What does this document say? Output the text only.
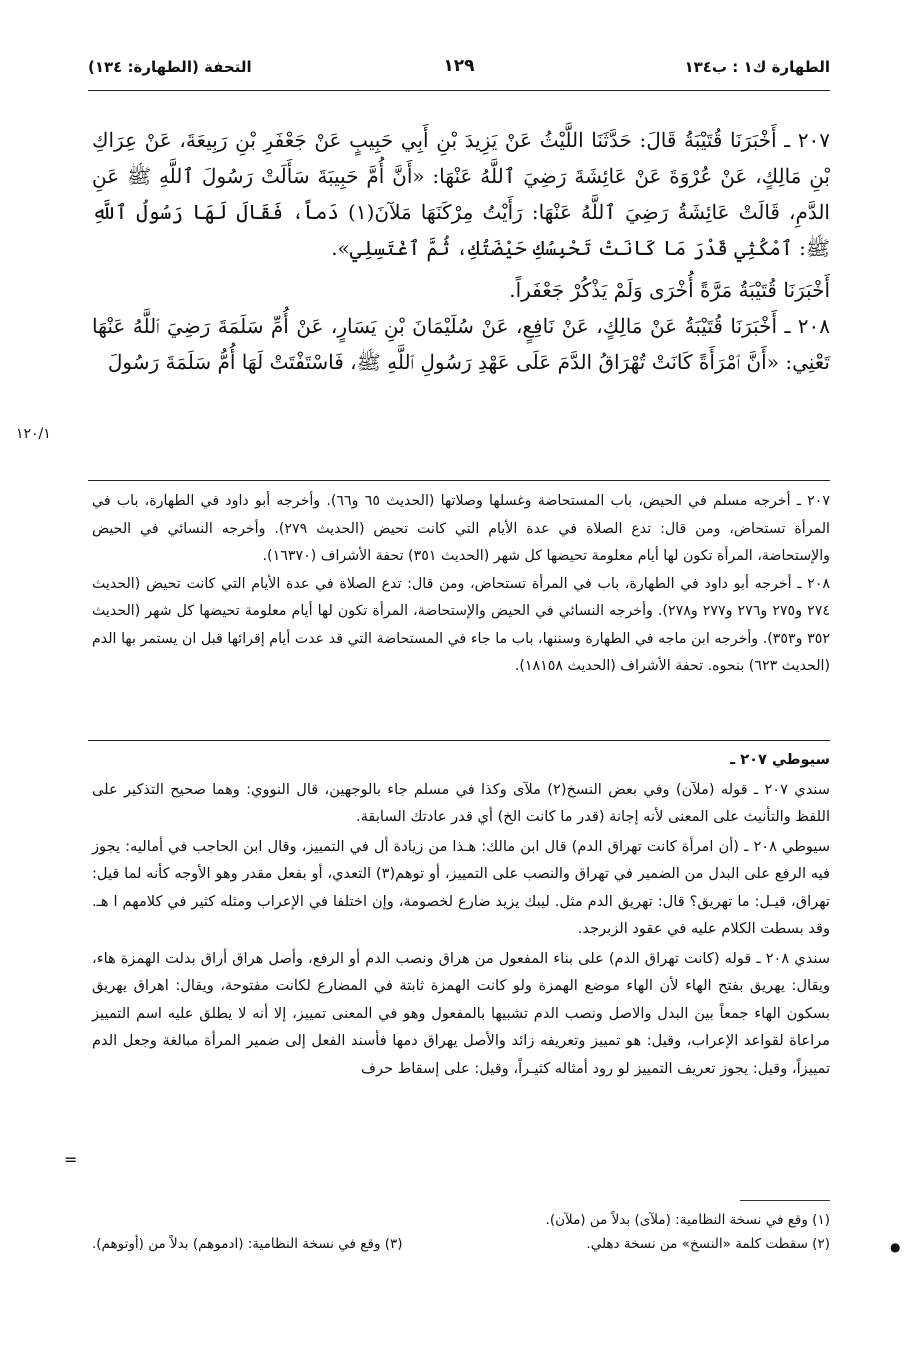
الطهارة ك١ : ب١٣٤
١٢٩
التحفة (الطهارة: ١٣٤)

٢٠٧ ـ أَخْبَرَنَا قُتَيْبَةُ قَالَ: حَدَّثَنَا اللَّيْثُ عَنْ يَزِيدَ بْنِ أَبِي حَبِيبٍ عَنْ جَعْفَرِ بْنِ رَبِيعَةَ، عَنْ عِرَاكِ بْنِ مَالِكٍ، عَنْ عُرْوَةَ عَنْ عَائِشَةَ رَضِيَ ٱللَّهُ عَنْهَا: «أَنَّ أُمَّ حَبِيبَةَ سَأَلَتْ رَسُولَ ٱللَّهِ ﷺ عَنِ الدَّمِ، قَالَتْ عَائِشَةُ رَضِيَ ٱللَّهُ عَنْهَا: رَأَيْتُ مِرْكَنَهَا مَلآنَ(١) دَماً، فَقَالَ لَهَا رَسُولُ ٱللَّهِ ﷺ: ٱمْكُثِي قَدْرَ مَا كَانَتْ تَحْبِسُكِ حَيْضَتُكِ، ثُمَّ ٱغْتَسِلِي».

أَخْبَرَنَا قُتَيْبَةُ مَرَّةً أُخْرَى وَلَمْ يَذْكُرْ جَعْفَراً.

٢٠٨ ـ أَخْبَرَنَا قُتَيْبَةُ عَنْ مَالِكٍ، عَنْ نَافِعٍ، عَنْ سُلَيْمَانَ بْنِ يَسَارٍ، عَنْ أُمِّ سَلَمَةَ رَضِيَ ٱللَّهُ عَنْهَا تَعْنِي: «أَنَّ ٱمْرَأَةً كَانَتْ تُهْرَاقُ الدَّمَ عَلَى عَهْدِ رَسُولِ ٱللَّهِ ﷺ، فَاسْتَفْتَتْ لَهَا أُمُّ سَلَمَةَ رَسُولَ

١٢٠/١

٢٠٧ ـ أخرجه مسلم في الحيض، باب المستحاضة وغسلها وصلاتها (الحديث ٦٥ و٦٦). وأخرجه أبو داود في الطهارة، باب في المرأة تستحاض، ومن قال: تدع الصلاة في عدة الأيام التي كانت تحيض (الحديث ٢٧٩). وأخرجه النسائي في الحيض والإستحاضة، المرأة تكون لها أيام معلومة تحيضها كل شهر (الحديث ٣٥١) تحفة الأشراف (١٦٣٧٠).

٢٠٨ ـ أخرجه أبو داود في الطهارة، باب في المرأة تستحاض، ومن قال: تدع الصلاة في عدة الأيام التي كانت تحيض (الحديث ٢٧٤ و٢٧٥ و٢٧٦ و٢٧٧ و٢٧٨). وأخرجه النسائي في الحيض والإستحاضة، المرأة تكون لها أيام معلومة تحيضها كل شهر (الحديث ٣٥٢ و٣٥٣). وأخرجه ابن ماجه في الطهارة وسننها، باب ما جاء في المستحاضة التي قد عدت أيام إقرائها قبل ان يستمر بها الدم (الحديث ٦٢٣) بنحوه. تحفة الأشراف (الحديث ١٨١٥٨).

سيوطي ٢٠٧ ـ

سندي ٢٠٧ ـ قوله (ملآن) وفي بعض النسخ(٢) ملآى وكذا في مسلم جاء بالوجهين، قال النووي: وهما صحيح التذكير على اللفظ والتأنيث على المعنى لأنه إجانة (قدر ما كانت الخ) أي قدر عادتك السابقة.

سيوطي ٢٠٨ ـ (أن امرأة كانت تهراق الدم) قال ابن مالك: هـذا من زيادة أل في التمييز، وقال ابن الحاجب في أماليه: يجوز فيه الرفع على البدل من الضمير في تهراق والنصب على التمييز، أو توهم(٣) التعدي، أو بفعل مقدر وهو الأوجه كأنه لما قيل: تهراق، قيـل: ما تهريق؟ قال: تهريق الدم مثل. ليبك يزيد ضارع لخصومة، وإن اختلفا في الإعراب ومثله كثير في كلامهم ا هـ. وقد بسطت الكلام عليه في عقود الزبرجد.

سندي ٢٠٨ ـ قوله (كانت تهراق الدم) على بناء المفعول من هراق ونصب الدم أو الرفع، وأصل هراق أراق بدلت الهمزة هاء، ويقال: يهريق بفتح الهاء لأن الهاء موضع الهمزة ولو كانت الهمزة ثابتة في المضارع لكانت مفتوحة، ويقال: اهراق يهريق بسكون الهاء جمعاً بين البدل والاصل ونصب الدم تشبيها بالمفعول وهو في المعنى تمييز، إلا أنه لا يطلق عليه اسم التمييز مراعاة لقواعد الإعراب، وقيل: هو تمييز وتعريفه زائد والأصل يهراق دمها فأسند الفعل إلى ضمير المرأة مبالغة وجعل الدم تمييزاً، وقيل: يجوز تعريف التمييز لو رود أمثاله كثيـراً، وقيل: على إسقاط حرف

=

(١) وقع في نسخة النظامية: (ملآى) بدلاً من (ملآن).

(٢) سقطت كلمة «النسخ» من نسخة دهلي.
(٣) وقع في نسخة النظامية: (ادموهم) بدلاً من (أوتوهم).	●
